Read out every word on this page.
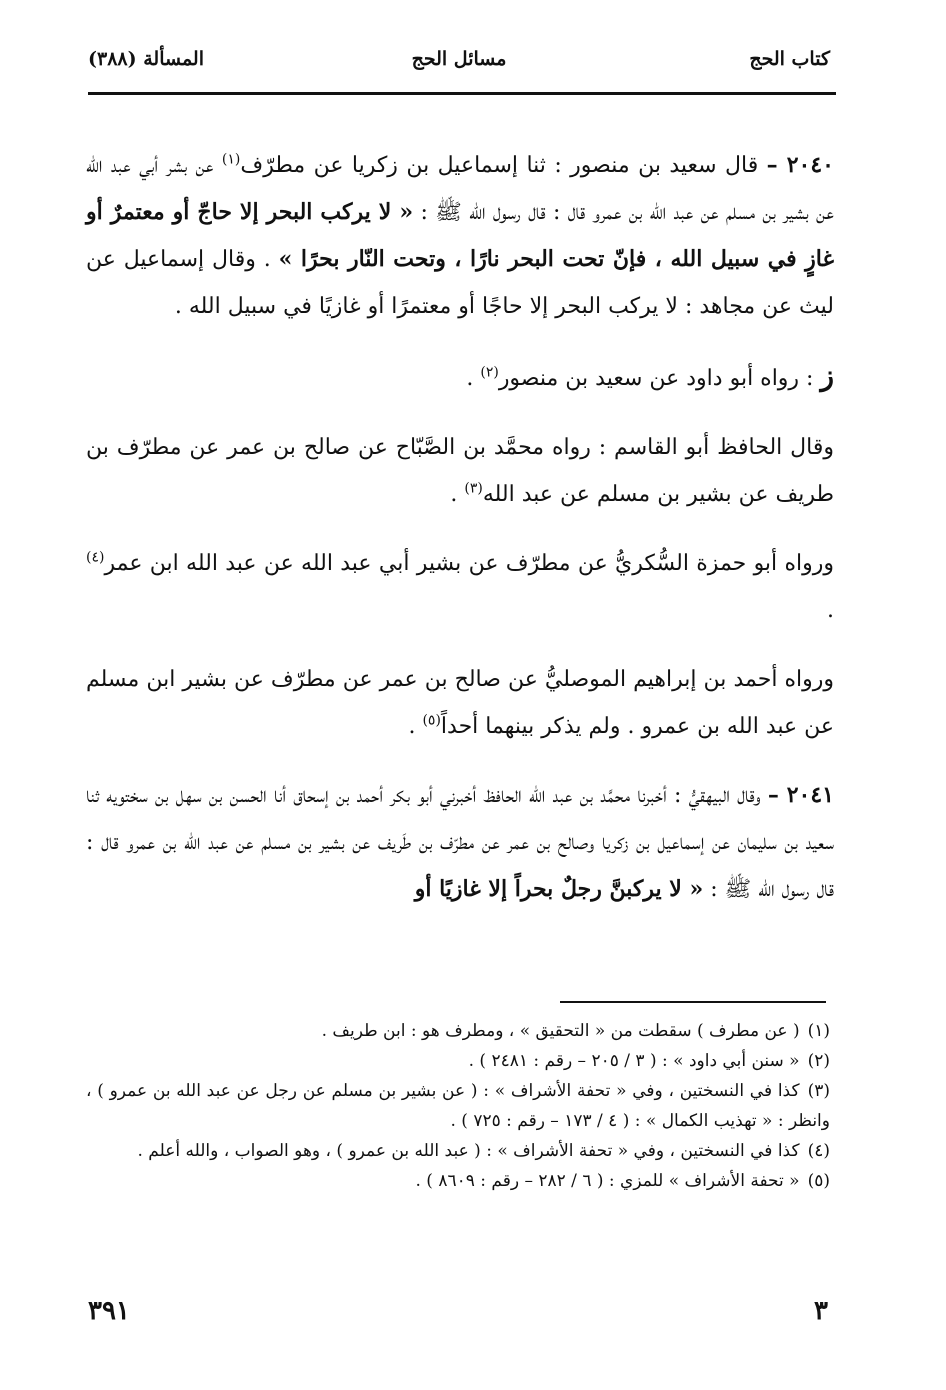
كتاب الحج
مسائل الحج
المسألة (٣٨٨)

٢٠٤٠ – قال سعيد بن منصور : ثنا إسماعيل بن زكريا عن مطرّف$^{(١)}$ عن بشر أبي عبد الله عن بشير بن مسلم عن عبد الله بن عمرو قال : قال رسول الله ﷺ : « لا يركب البحر إلا حاجّ أو معتمرٌ أو غازٍ في سبيل الله ، فإنّ تحت البحر نارًا ، وتحت النّار بحرًا » . وقال إسماعيل عن ليث عن مجاهد : لا يركب البحر إلا حاجًا أو معتمرًا أو غازيًا في سبيل الله .

ز : رواه أبو داود عن سعيد بن منصور$^{(٢)}$ .

وقال الحافظ أبو القاسم : رواه محمَّد بن الصَّبّاح عن صالح بن عمر عن مطرّف بن طريف عن بشير بن مسلم عن عبد الله$^{(٣)}$ .

ورواه أبو حمزة السُّكريُّ عن مطرّف عن بشير أبي عبد الله عن عبد الله ابن عمر$^{(٤)}$ .

ورواه أحمد بن إبراهيم الموصليُّ عن صالح بن عمر عن مطرّف عن بشير ابن مسلم عن عبد الله بن عمرو . ولم يذكر بينهما أحداً$^{(٥)}$ .

٢٠٤١ – وقال البيهقيُّ : أخبرنا محمَّد بن عبد الله الحافظ أخبرني أبو بكر أحمد بن إسحاق أنا الحسن بن سهل بن سختويه ثنا سعيد بن سليمان عن إسماعيل بن زكريا وصالح بن عمر عن مطرّف بن طَريف عن بشير بن مسلم عن عبد الله بن عمرو قال : قال رسول الله ﷺ : « لا يركبنَّ رجلٌ بحراً إلا غازيًا أو

(١)( عن مطرف ) سقطت من « التحقيق » ، ومطرف هو : ابن طريف .

(٢)« سنن أبي داود » : ( ٣ / ٢٠٥ – رقم : ٢٤٨١ ) .

(٣)كذا في النسختين ، وفي « تحفة الأشراف » : ( عن بشير بن مسلم عن رجل عن عبد الله بن عمرو ) ، وانظر : « تهذيب الكمال » : ( ٤ / ١٧٣ – رقم : ٧٢٥ ) .

(٤)كذا في النسختين ، وفي « تحفة الأشراف » : ( عبد الله بن عمرو ) ، وهو الصواب ، والله أعلم .

(٥)« تحفة الأشراف » للمزي : ( ٦ / ٢٨٢ – رقم : ٨٦٠٩ ) .

٣
٣٩١
